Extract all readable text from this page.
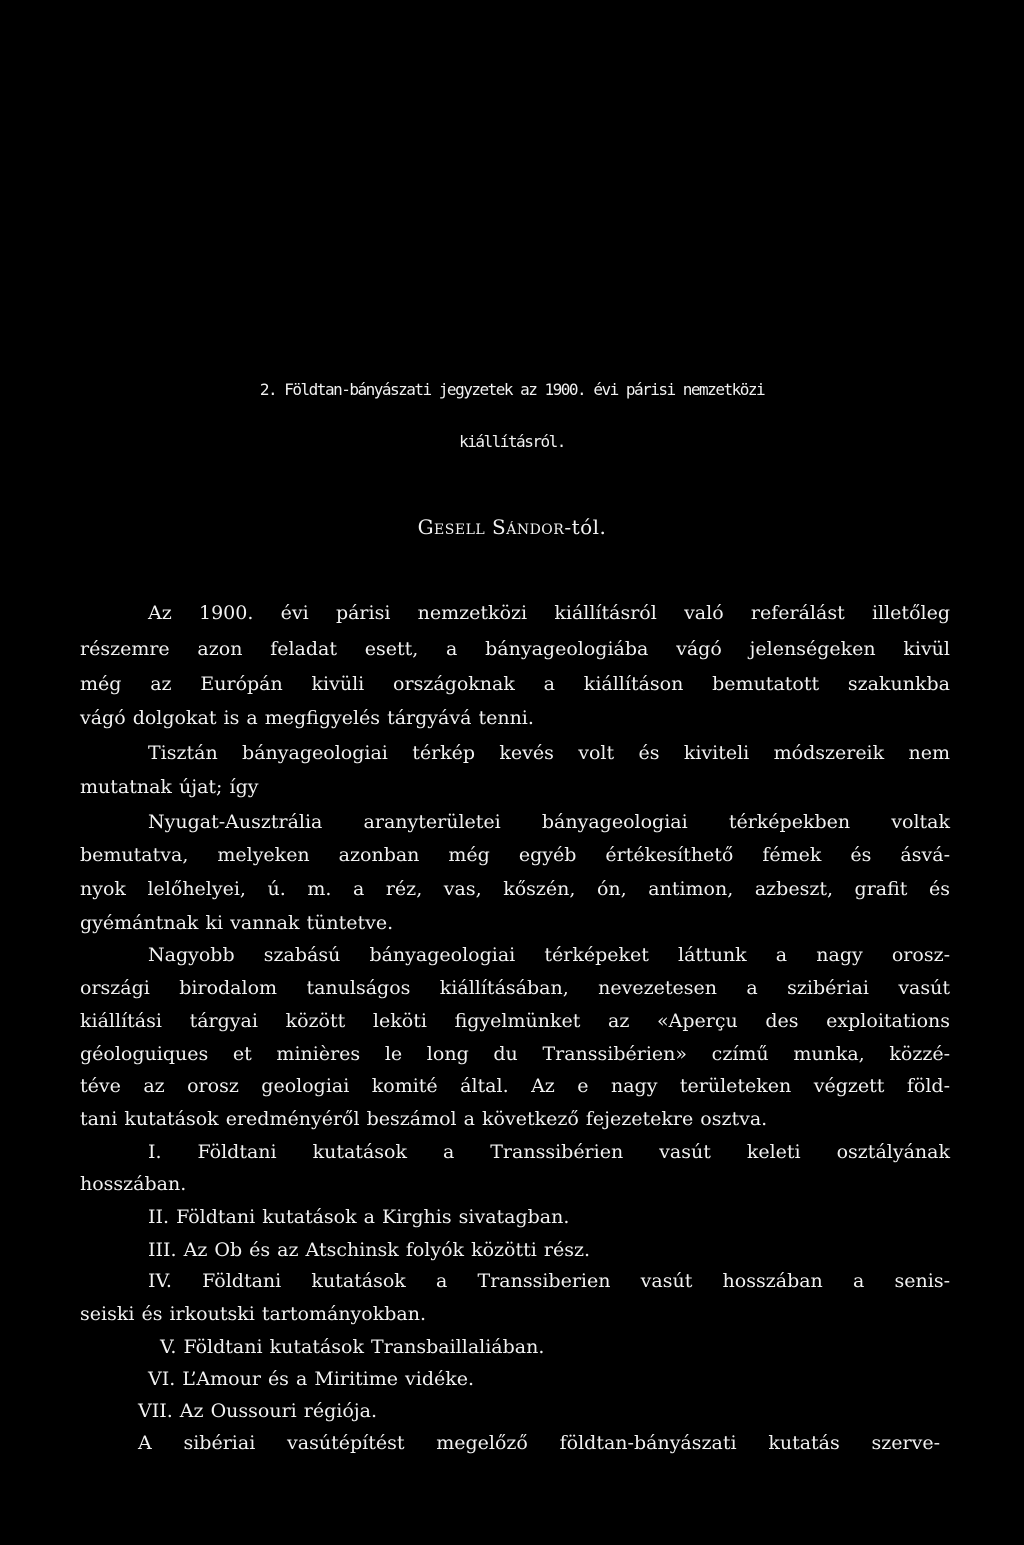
2. Földtan-bányászati jegyzetek az 1900. évi párisi nemzetközi
kiállításról.
Gesell Sándor-tól.
Az 1900. évi párisi nemzetközi kiállításról való referálást illetőleg
részemre azon feladat esett, a bányageologiába vágó jelenségeken kivül
még az Európán kivüli országoknak a kiállításon bemutatott szakunkba
vágó dolgokat is a megfigyelés tárgyává tenni.
Tisztán bányageologiai térkép kevés volt és kiviteli módszereik nem
mutatnak újat; így
Nyugat-Ausztrália aranyterületei bányageologiai térképekben voltak
bemutatva, melyeken azonban még egyéb értékesíthető fémek és ásvá-
nyok lelőhelyei, ú. m. a réz, vas, kőszén, ón, antimon, azbeszt, grafit és
gyémántnak ki vannak tüntetve.
Nagyobb szabású bányageologiai térképeket láttunk a nagy orosz-
országi birodalom tanulságos kiállításában, nevezetesen a szibériai vasút
kiállítási tárgyai között leköti figyelmünket az «Aperçu des exploitations
géologuiques et minières le long du Transsibérien» czímű munka, közzé-
téve az orosz geologiai komité által. Az e nagy területeken végzett föld-
tani kutatások eredményéről beszámol a következő fejezetekre osztva.
I. Földtani kutatások a Transsibérien vasút keleti osztályának
hosszában.
II. Földtani kutatások a Kirghis sivatagban.
III. Az Ob és az Atschinsk folyók közötti rész.
IV. Földtani kutatások a Transsiberien vasút hosszában a senis-
seiski és irkoutski tartományokban.
V. Földtani kutatások Transbaillaliában.
VI. L’Amour és a Miritime vidéke.
VII. Az Oussouri régiója.
A sibériai vasútépítést megelőző földtan-bányászati kutatás szerve-
